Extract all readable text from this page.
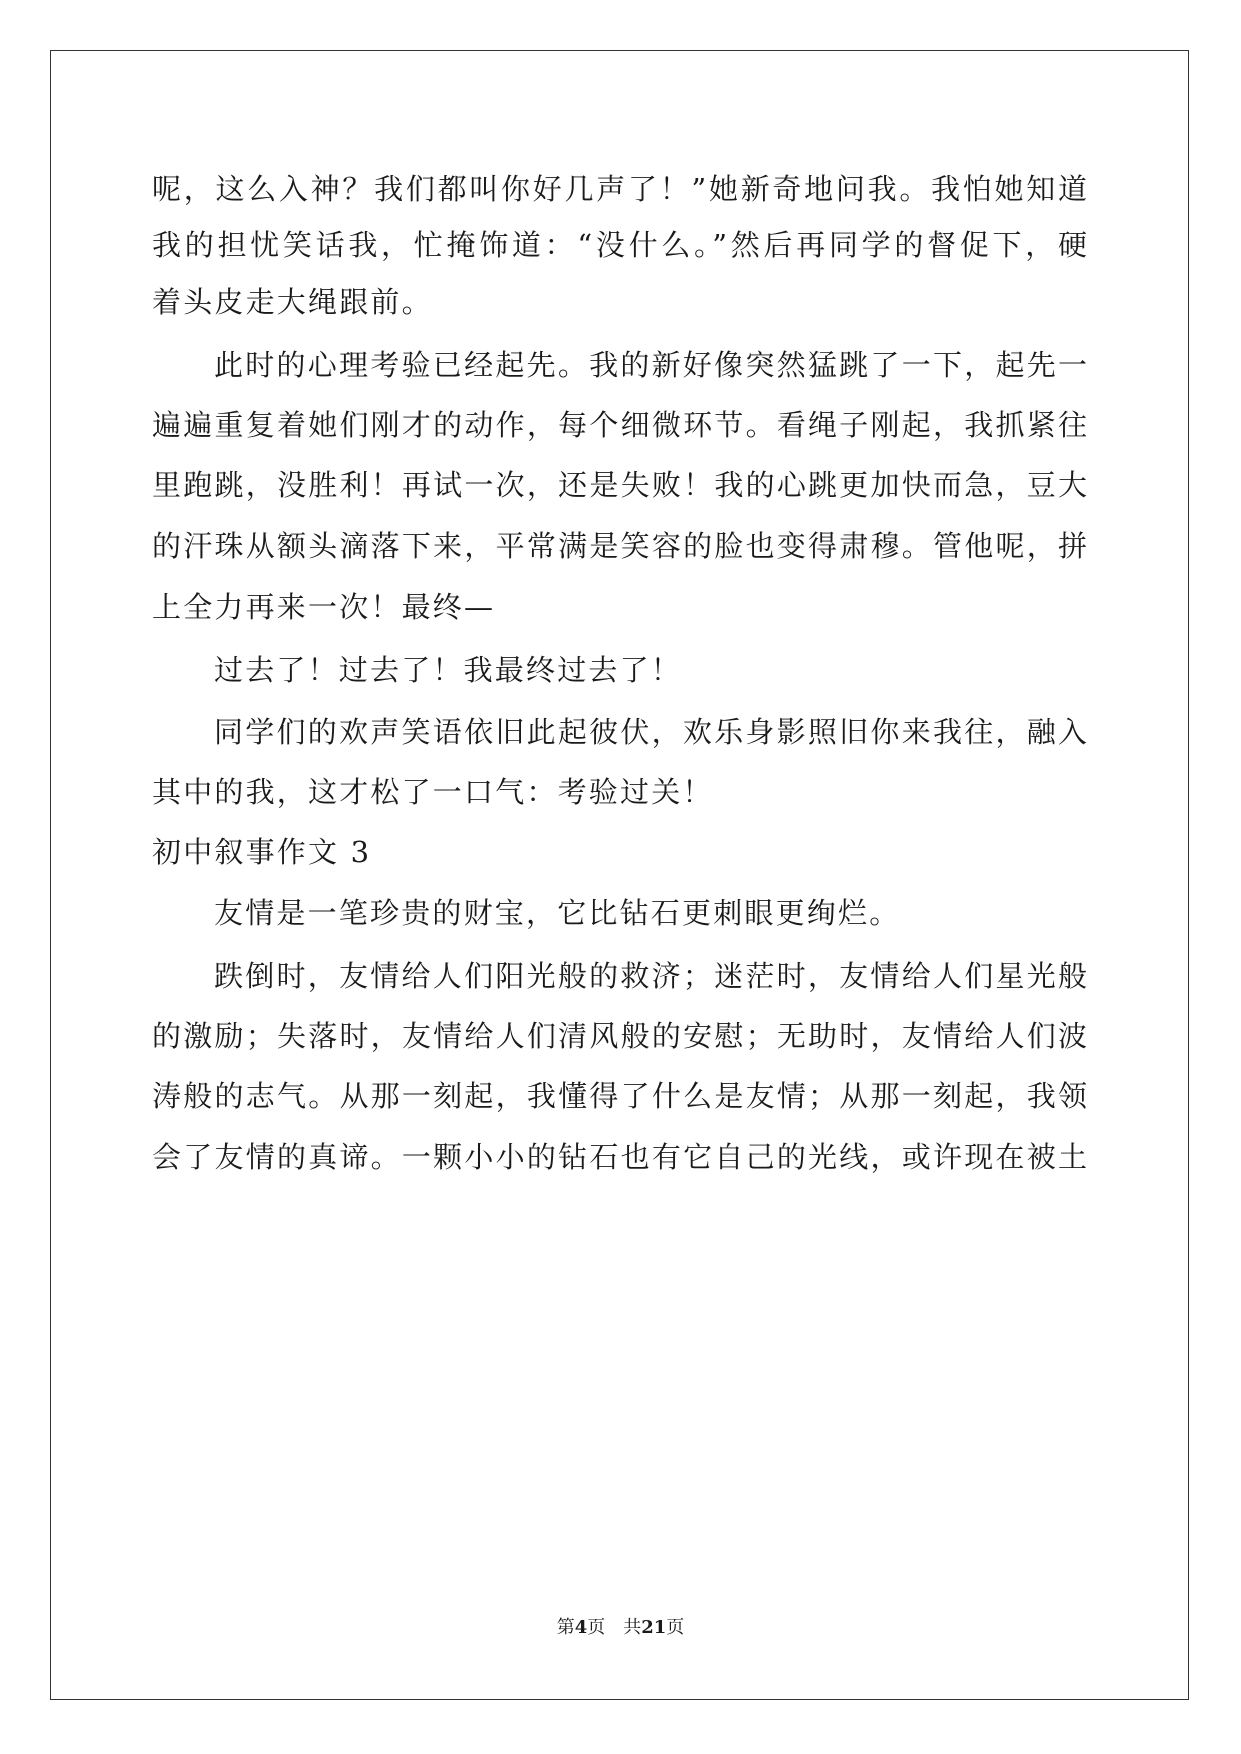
呢，这么入神？我们都叫你好几声了！”她新奇地问我。我怕她知道
我的担忧笑话我，忙掩饰道：“没什么。”然后再同学的督促下，硬
着头皮走大绳跟前。
此时的心理考验已经起先。我的新好像突然猛跳了一下，起先一
遍遍重复着她们刚才的动作，每个细微环节。看绳子刚起，我抓紧往
里跑跳，没胜利！再试一次，还是失败！我的心跳更加快而急，豆大
的汗珠从额头滴落下来，平常满是笑容的脸也变得肃穆。管他呢，拼
上全力再来一次！最终—
过去了！过去了！我最终过去了！
同学们的欢声笑语依旧此起彼伏，欢乐身影照旧你来我往，融入
其中的我，这才松了一口气：考验过关！
初中叙事作文 3
友情是一笔珍贵的财宝，它比钻石更刺眼更绚烂。
跌倒时，友情给人们阳光般的救济；迷茫时，友情给人们星光般
的激励；失落时，友情给人们清风般的安慰；无助时，友情给人们波
涛般的志气。从那一刻起，我懂得了什么是友情；从那一刻起，我领
会了友情的真谛。一颗小小的钻石也有它自己的光线，或许现在被土
第4页　共21页
